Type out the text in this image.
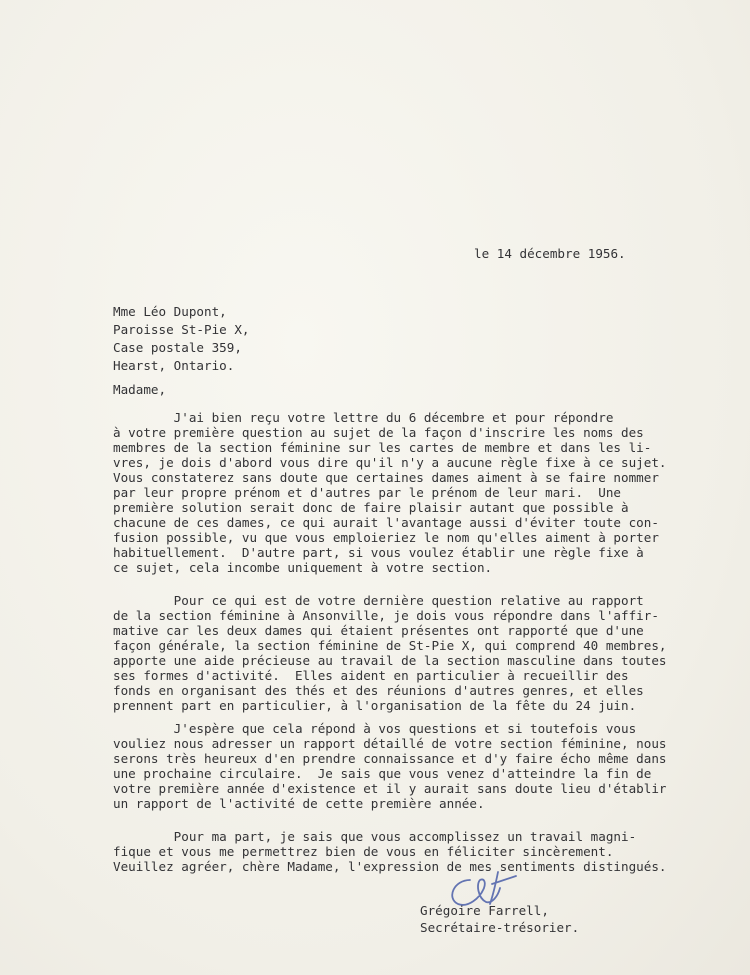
le 14 décembre 1956.

Mme Léo Dupont,

Paroisse St-Pie X,

Case postale 359,

Hearst, Ontario.

Madame,

J'ai bien reçu votre lettre du 6 décembre et pour répondre
à votre première question au sujet de la façon d'inscrire les noms des
membres de la section féminine sur les cartes de membre et dans les li-
vres, je dois d'abord vous dire qu'il n'y a aucune règle fixe à ce sujet.
Vous constaterez sans doute que certaines dames aiment à se faire nommer
par leur propre prénom et d'autres par le prénom de leur mari.  Une
première solution serait donc de faire plaisir autant que possible à
chacune de ces dames, ce qui aurait l'avantage aussi d'éviter toute con-
fusion possible, vu que vous emploieriez le nom qu'elles aiment à porter
habituellement.  D'autre part, si vous voulez établir une règle fixe à
ce sujet, cela incombe uniquement à votre section.
Pour ce qui est de votre dernière question relative au rapport
de la section féminine à Ansonville, je dois vous répondre dans l'affir-
mative car les deux dames qui étaient présentes ont rapporté que d'une
façon générale, la section féminine de St-Pie X, qui comprend 40 membres,
apporte une aide précieuse au travail de la section masculine dans toutes
ses formes d'activité.  Elles aident en particulier à recueillir des
fonds en organisant des thés et des réunions d'autres genres, et elles
prennent part en particulier, à l'organisation de la fête du 24 juin.
J'espère que cela répond à vos questions et si toutefois vous
vouliez nous adresser un rapport détaillé de votre section féminine, nous
serons très heureux d'en prendre connaissance et d'y faire écho même dans
une prochaine circulaire.  Je sais que vous venez d'atteindre la fin de
votre première année d'existence et il y aurait sans doute lieu d'établir
un rapport de l'activité de cette première année.
Pour ma part, je sais que vous accomplissez un travail magni-
fique et vous me permettrez bien de vous en féliciter sincèrement.
Veuillez agréer, chère Madame, l'expression de mes sentiments distingués.

Grégoire Farrell,

Secrétaire-trésorier.
